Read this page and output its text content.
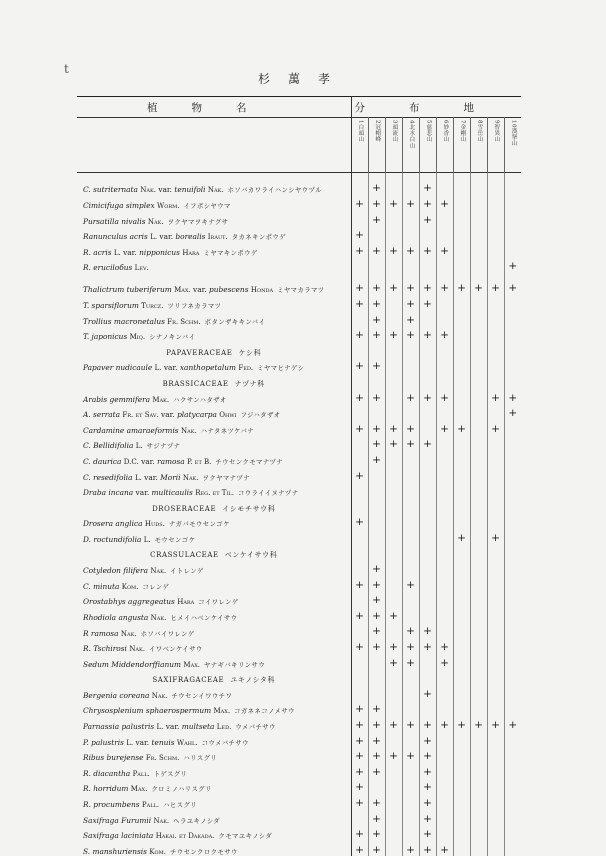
t
杉萬孝
植物名	分布地									

	1白頭山	2冠帽峰	3頭流山	4北水白山	5慈悲山	6妙香山	7金剛山	8雪岳山	9智異山	10漢拏山

C. sutriternata Nak. var. tenuifoli Nak. ホソバカワライハンシヤウヅル		+			+					
Cimicifuga simplex Worm. イフボシヤウマ	+	+	+	+	+	+				
Pursatilla nivalis Nak. ヲクヤマヲキナグサ		+			+					
Ranunculus acris L. var. borealis Iraut. タカネキンポウゲ	+									
R. acris L. var. nipponicus Hara ミヤマキンポウゲ	+	+	+	+	+	+				
R. eruciloбus Lev.										+
Thalictrum tuberiferum Max. var. pubescens Honda ミヤマカラマツ	+	+	+	+	+	+	+	+	+	+
T. sparsiflorum Turcz. ツリフネカラマツ	+	+		+	+					
Trollius macronetalus Fr. Schm. ボタンザキキンバイ		+		+						
T. japonicus Miq. シナノキンバイ	+	+	+	+	+	+				
PAPAVERACEAE ケシ科										
Papaver nudicaule L. var. xanthopetalum Fed. ミヤマヒナゲシ	+	+								
BRASSICACEAE ナヅナ科										
Arabis gemmifera Mak. ハクサンハタザオ	+	+		+	+	+			+	+
A. serrata Fr. et Sav. var. platycarpa Ohwi フジハタザオ										+
Cardamine amaraeformis Nak. ハナタネツケバナ	+	+	+	+		+	+		+	
C. Bellidifolia L. サジナヅナ		+	+	+	+					
C. daurica D.C. var. ramosa P. et B. チウセンクモマナヅナ		+								
C. resedifolia L. var. Morii Nak. ヲクヤマナヅナ	+									
Draba incana var. multicaulis Reg. et Til. コウライイヌナヅナ										
DROSERACEAE イシモチサウ科										
Drosera anglica Huds. ナガバモウセンゴケ	+									
D. roctundifolia L. モウセンゴケ							+		+	
CRASSULACEAE ベンケイサウ科										
Cotyledon filifera Nak. イトレンゲ		+								
C. minuta Kom. コレンゲ	+	+		+						
Orostabhys aggregeatus Hara コイワレンゲ		+								
Rhodiola angusta Nak. ヒメイハベンケイサウ	+	+	+							
R ramosa Nak. ホソバイワレンゲ		+		+	+					
R. Tschirosi Nak. イワベンケイサウ	+	+	+	+	+	+				
Sedum Middendorffianum Max. ヤナギバキリンサウ			+	+		+				
SAXIFRAGACEAE ユキノシタ科										
Bergenia coreana Nak. チウセンイワウチワ					+					
Chrysosplenium sphaerospermum Max. コガネネコノメサウ	+	+								
Parnassia palustris L. var. multseta Led. ウメバチサウ	+	+	+	+	+	+	+	+	+	+
P. palustris L. var. tenuis Wahl. コウメバチサウ	+	+			+					
Ribus burejense Fr. Schm. ハリスグリ	+	+	+	+	+					
R. diacantha Pall. トゲスグリ	+	+			+					
R. horridum Max. クロミノハリスグリ	+				+					
R. procumbens Pall. ハヒスグリ	+	+			+					
Saxifraga Furumii Nak. ヘラユキノシダ		+			+					
Saxifraga laciniata Hakai. et Dakada. クモマユキノシダ	+	+			+					
S. manshuriensis Kom. チウセンクロクモサウ	+	+		+	+	+				
